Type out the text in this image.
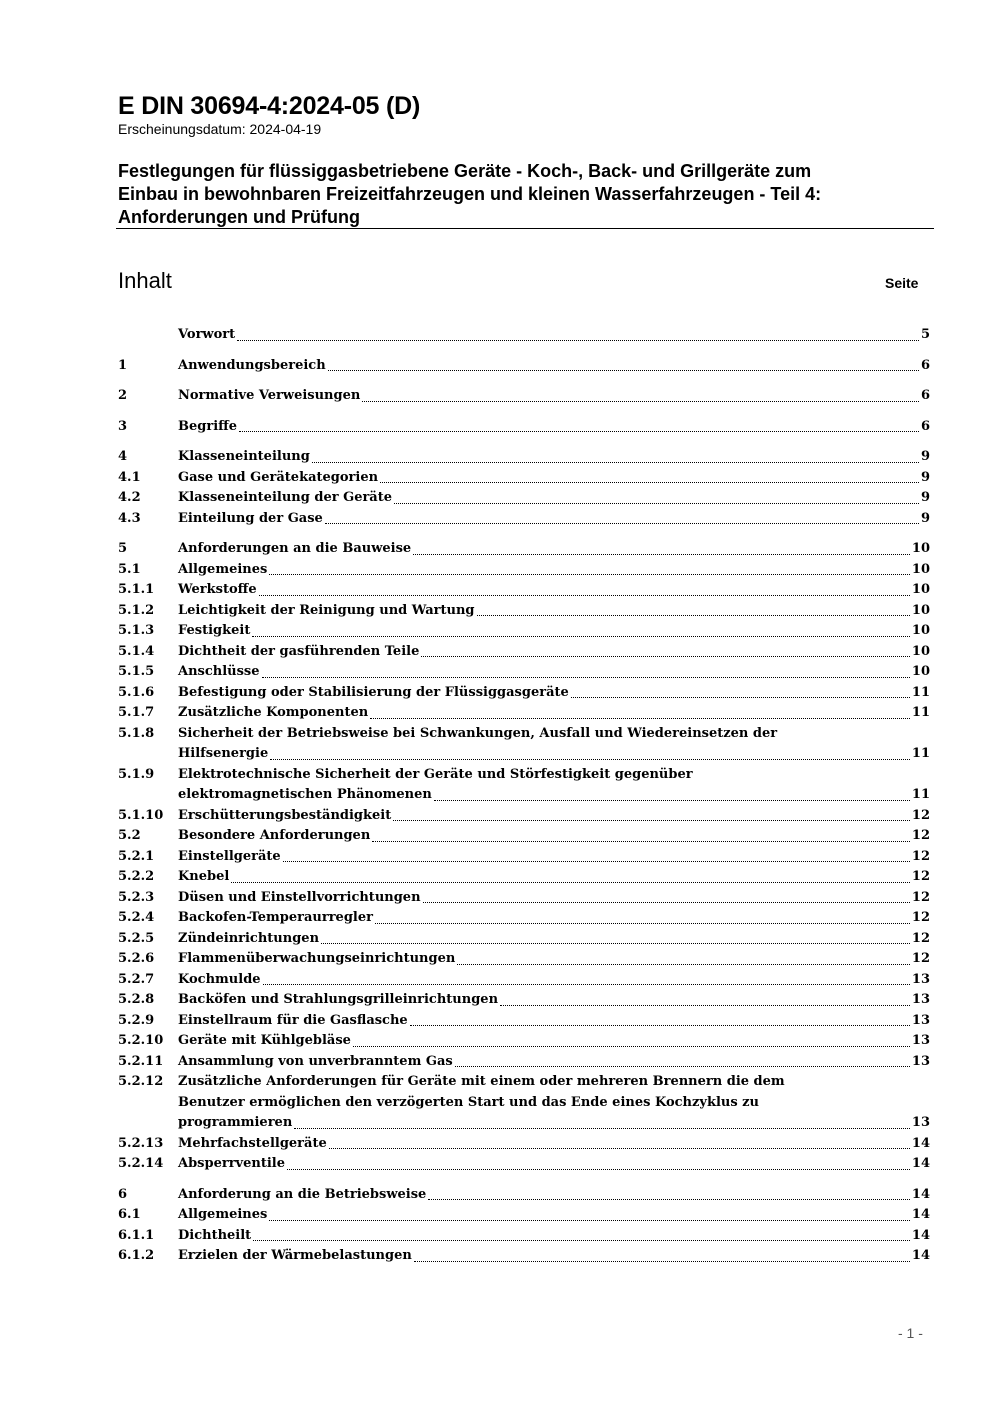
E DIN 30694-4:2024-05 (D)
Erscheinungsdatum: 2024-04-19
Festlegungen für flüssiggasbetriebene Geräte - Koch-, Back- und Grillgeräte zum
Einbau in bewohnbaren Freizeitfahrzeugen und kleinen Wasserfahrzeugen - Teil 4:
Anforderungen und Prüfung
Inhalt	Seite
Vorwort	5
1	Anwendungsbereich	6
2	Normative Verweisungen	6
3	Begriffe	6
4	Klasseneinteilung	9
4.1	Gase und Gerätekategorien	9
4.2	Klasseneinteilung der Geräte	9
4.3	Einteilung der Gase	9
5	Anforderungen an die Bauweise	10
5.1	Allgemeines	10
5.1.1	Werkstoffe	10
5.1.2	Leichtigkeit der Reinigung und Wartung	10
5.1.3	Festigkeit	10
5.1.4	Dichtheit der gasführenden Teile	10
5.1.5	Anschlüsse	10
5.1.6	Befestigung oder Stabilisierung der Flüssiggasgeräte	11
5.1.7	Zusätzliche Komponenten	11
5.1.8	Sicherheit der Betriebsweise bei Schwankungen, Ausfall und Wiedereinsetzen der
Hilfsenergie	11
5.1.9	Elektrotechnische Sicherheit der Geräte und Störfestigkeit gegenüber
elektromagnetischen Phänomenen	11
5.1.10	Erschütterungsbeständigkeit	12
5.2	Besondere Anforderungen	12
5.2.1	Einstellgeräte	12
5.2.2	Knebel	12
5.2.3	Düsen und Einstellvorrichtungen	12
5.2.4	Backofen-Temperaurregler	12
5.2.5	Zündeinrichtungen	12
5.2.6	Flammenüberwachungseinrichtungen	12
5.2.7	Kochmulde	13
5.2.8	Backöfen und Strahlungsgrilleinrichtungen	13
5.2.9	Einstellraum für die Gasflasche	13
5.2.10	Geräte mit Kühlgebläse	13
5.2.11	Ansammlung von unverbranntem Gas	13
5.2.12	Zusätzliche Anforderungen für Geräte mit einem oder mehreren Brennern die dem
Benutzer ermöglichen den verzögerten Start und das Ende eines Kochzyklus zu
programmieren	13
5.2.13	Mehrfachstellgeräte	14
5.2.14	Absperrventile	14
6	Anforderung an die Betriebsweise	14
6.1	Allgemeines	14
6.1.1	Dichtheilt	14
6.1.2	Erzielen der Wärmebelastungen	14
- 1 -
